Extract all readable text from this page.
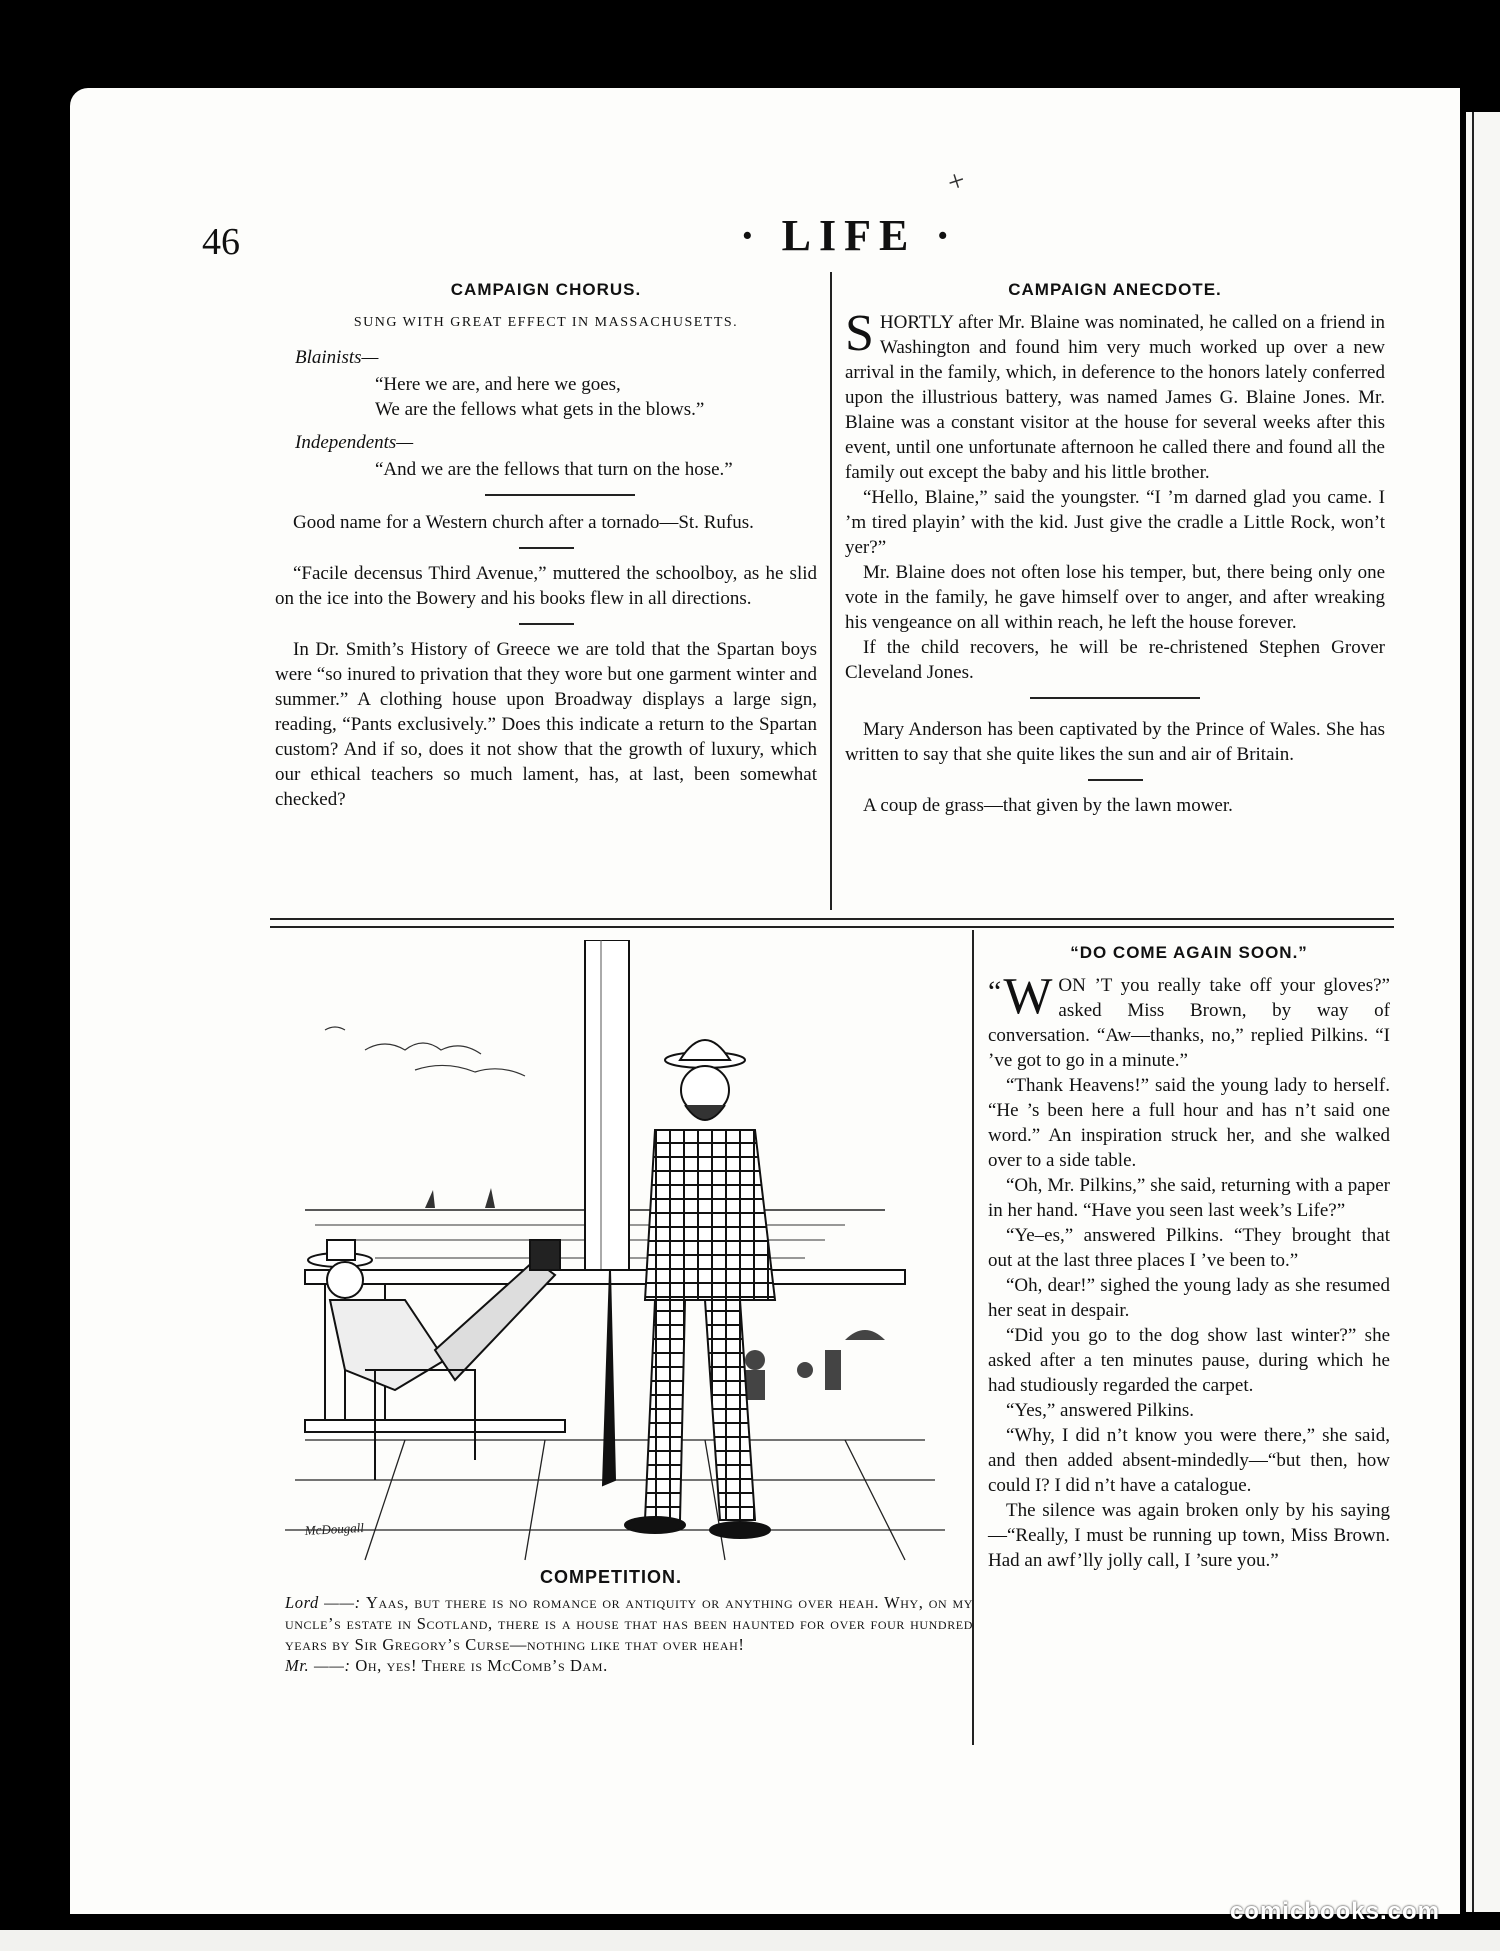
46	· LIFE ·
+
CAMPAIGN CHORUS.
SUNG WITH GREAT EFFECT IN MASSACHUSETTS.
Blainists—
“Here we are, and here we goes,
We are the fellows what gets in the blows.”
Independents—
“And we are the fellows that turn on the hose.”

Good name for a Western church after a tornado—St. Rufus.

“Facile decensus Third Avenue,” muttered the schoolboy, as he slid on the ice into the Bowery and his books flew in all directions.

In Dr. Smith’s History of Greece we are told that the Spartan boys were “so inured to privation that they wore but one garment winter and summer.” A clothing house upon Broadway displays a large sign, reading, “Pants exclusively.” Does this indicate a return to the Spartan custom? And if so, does it not show that the growth of luxury, which our ethical teachers so much lament, has, at last, been somewhat checked?

CAMPAIGN ANECDOTE.
S HORTLY after Mr. Blaine was nominated, he called on a friend in Washington and found him very much worked up over a new arrival in the family, which, in deference to the honors lately conferred upon the illustrious battery, was named James G. Blaine Jones. Mr. Blaine was a constant visitor at the house for several weeks after this event, until one unfortunate afternoon he called there and found all the family out except the baby and his little brother.

“Hello, Blaine,” said the youngster. “I ’m darned glad you came. I ’m tired playin’ with the kid. Just give the cradle a Little Rock, won’t yer?”

Mr. Blaine does not often lose his temper, but, there being only one vote in the family, he gave himself over to anger, and after wreaking his vengeance on all within reach, he left the house forever.

If the child recovers, he will be re-christened Stephen Grover Cleveland Jones.

Mary Anderson has been captivated by the Prince of Wales. She has written to say that she quite likes the sun and air of Britain.

A coup de grass—that given by the lawn mower.

McDougall
COMPETITION.
Lord ——: Yaas, but there is no romance or antiquity or anything over heah. Why, on my uncle’s estate in Scotland, there is a house that has been haunted for over four hundred years by Sir Gregory’s Curse—nothing like that over heah!
Mr. ——: Oh, yes! There is McComb’s Dam.
“DO COME AGAIN SOON.”
“ W ON ’T you really take off your gloves?” asked Miss Brown, by way of conversation. “Aw—thanks, no,” replied Pilkins. “I ’ve got to go in a minute.”

“Thank Heavens!” said the young lady to herself. “He ’s been here a full hour and has n’t said one word.” An inspiration struck her, and she walked over to a side table.

“Oh, Mr. Pilkins,” she said, returning with a paper in her hand. “Have you seen last week’s Life?”

“Ye–es,” answered Pilkins. “They brought that out at the last three places I ’ve been to.”

“Oh, dear!” sighed the young lady as she resumed her seat in despair.

“Did you go to the dog show last winter?” she asked after a ten minutes pause, during which he had studiously regarded the carpet.

“Yes,” answered Pilkins.

“Why, I did n’t know you were there,” she said, and then added absent-mindedly—“but then, how could I? I did n’t have a catalogue.

The silence was again broken only by his saying—“Really, I must be running up town, Miss Brown. Had an awf’lly jolly call, I ’sure you.”

comicbooks.com
